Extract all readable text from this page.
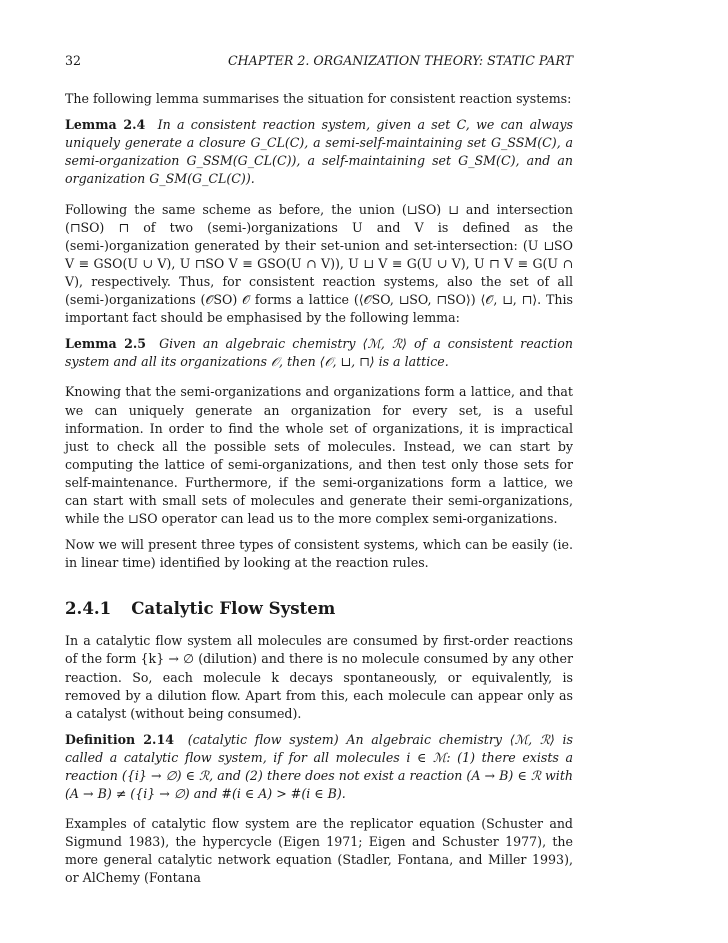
32	CHAPTER 2. ORGANIZATION THEORY: STATIC PART

The following lemma summarises the situation for consistent reaction systems:

Lemma 2.4 In a consistent reaction system, given a set C, we can always uniquely generate a closure G_CL(C), a semi-self-maintaining set G_SSM(C), a semi-organization G_SSM(G_CL(C)), a self-maintaining set G_SM(C), and an organization G_SM(G_CL(C)).

Following the same scheme as before, the union (⊔SO) ⊔ and intersection (⊓SO) ⊓ of two (semi-)organizations U and V is defined as the (semi-)organization generated by their set-union and set-intersection: (U ⊔SO V ≡ GSO(U ∪ V), U ⊓SO V ≡ GSO(U ∩ V)), U ⊔ V ≡ G(U ∪ V), U ⊓ V ≡ G(U ∩ V), respectively. Thus, for consistent reaction systems, also the set of all (semi-)organizations (𝒪SO) 𝒪 forms a lattice (⟨𝒪SO, ⊔SO, ⊓SO⟩) ⟨𝒪, ⊔, ⊓⟩. This important fact should be emphasised by the following lemma:

Lemma 2.5 Given an algebraic chemistry ⟨ℳ, ℛ⟩ of a consistent reaction system and all its organizations 𝒪, then ⟨𝒪, ⊔, ⊓⟩ is a lattice.

Knowing that the semi-organizations and organizations form a lattice, and that we can uniquely generate an organization for every set, is a useful information. In order to find the whole set of organizations, it is impractical just to check all the possible sets of molecules. Instead, we can start by computing the lattice of semi-organizations, and then test only those sets for self-maintenance. Furthermore, if the semi-organizations form a lattice, we can start with small sets of molecules and generate their semi-organizations, while the ⊔SO operator can lead us to the more complex semi-organizations.

Now we will present three types of consistent systems, which can be easily (ie. in linear time) identified by looking at the reaction rules.

2.4.1 Catalytic Flow System

In a catalytic flow system all molecules are consumed by first-order reactions of the form {k} → ∅ (dilution) and there is no molecule consumed by any other reaction. So, each molecule k decays spontaneously, or equivalently, is removed by a dilution flow. Apart from this, each molecule can appear only as a catalyst (without being consumed).

Definition 2.14 (catalytic flow system) An algebraic chemistry ⟨ℳ, ℛ⟩ is called a catalytic flow system, if for all molecules i ∈ ℳ: (1) there exists a reaction ({i} → ∅) ∈ ℛ, and (2) there does not exist a reaction (A → B) ∈ ℛ with (A → B) ≠ ({i} → ∅) and #(i ∈ A) > #(i ∈ B).

Examples of catalytic flow system are the replicator equation (Schuster and Sigmund 1983), the hypercycle (Eigen 1971; Eigen and Schuster 1977), the more general catalytic network equation (Stadler, Fontana, and Miller 1993), or AlChemy (Fontana
